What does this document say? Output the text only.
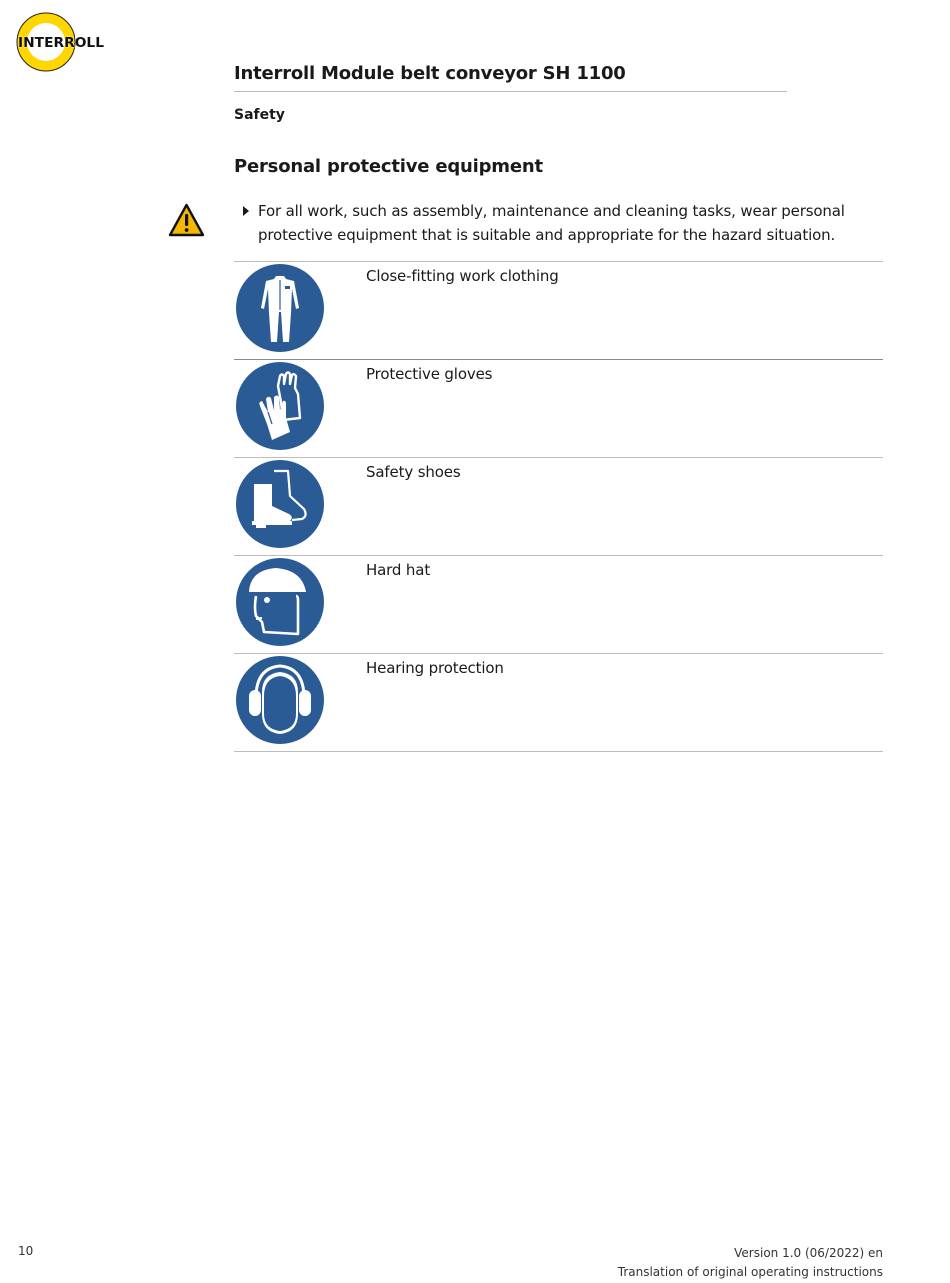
INTERROLL
Interroll Module belt conveyor SH 1100
Safety
Personal protective equipment
For all work, such as assembly, maintenance and cleaning tasks, wear personal protective equipment that is suitable and appropriate for the hazard situation.
Close-fitting work clothing
Protective gloves
Safety shoes
Hard hat
Hearing protection
10	Version 1.0 (06/2022) en
Translation of original operating instructions
